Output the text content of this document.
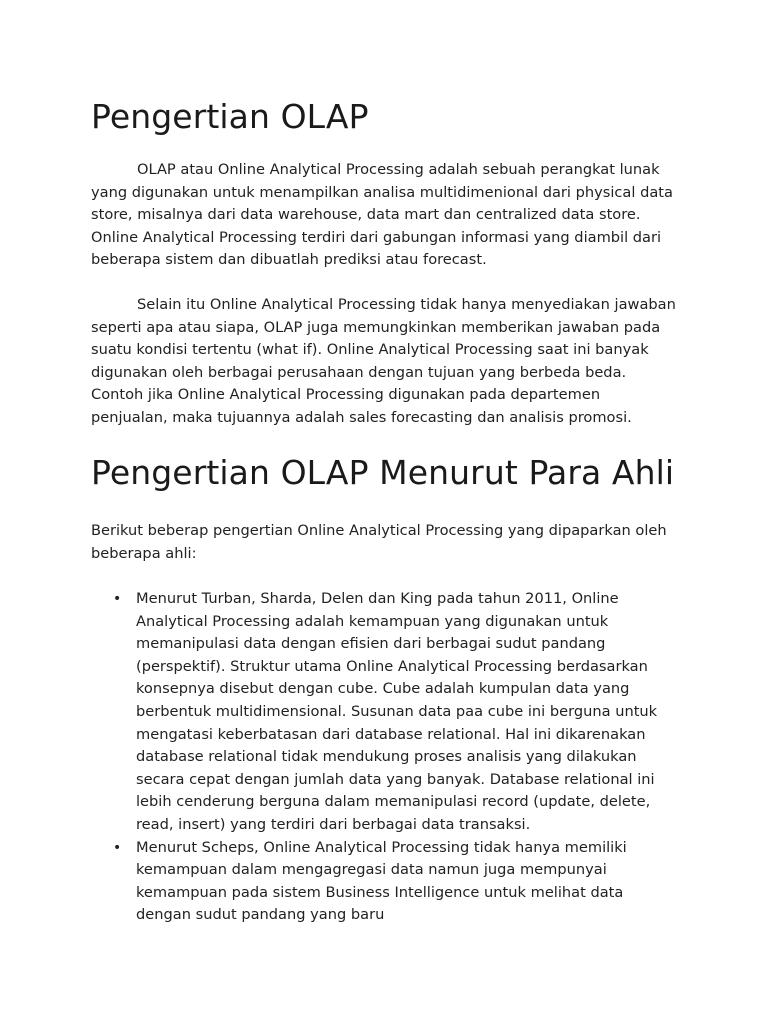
Pengertian OLAP

OLAP atau Online Analytical Processing adalah sebuah perangkat lunak yang digunakan untuk menampilkan analisa multidimenional dari physical data store, misalnya dari data warehouse, data mart dan centralized data store. Online Analytical Processing terdiri dari gabungan informasi yang diambil dari beberapa sistem dan dibuatlah prediksi atau forecast.

Selain itu Online Analytical Processing tidak hanya menyediakan jawaban seperti apa atau siapa, OLAP juga memungkinkan memberikan jawaban pada suatu kondisi tertentu (what if). Online Analytical Processing saat ini banyak digunakan oleh berbagai perusahaan dengan tujuan yang berbeda beda. Contoh jika Online Analytical Processing digunakan pada departemen penjualan, maka tujuannya adalah sales forecasting dan analisis promosi.

Pengertian OLAP Menurut Para Ahli

Berikut beberap pengertian Online Analytical Processing yang dipaparkan oleh beberapa ahli:

• Menurut Turban, Sharda, Delen dan King pada tahun 2011, Online Analytical Processing adalah kemampuan yang digunakan untuk memanipulasi data dengan efisien dari berbagai sudut pandang (perspektif). Struktur utama Online Analytical Processing berdasarkan konsepnya disebut dengan cube. Cube adalah kumpulan data yang berbentuk multidimensional. Susunan data paa cube ini berguna untuk mengatasi keberbatasan dari database relational. Hal ini dikarenakan database relational tidak mendukung proses analisis yang dilakukan secara cepat dengan jumlah data yang banyak. Database relational ini lebih cenderung berguna dalam memanipulasi record (update, delete, read, insert) yang terdiri dari berbagai data transaksi.
• Menurut Scheps, Online Analytical Processing tidak hanya memiliki kemampuan dalam mengagregasi data namun juga mempunyai kemampuan pada sistem Business Intelligence untuk melihat data dengan sudut pandang yang baru
